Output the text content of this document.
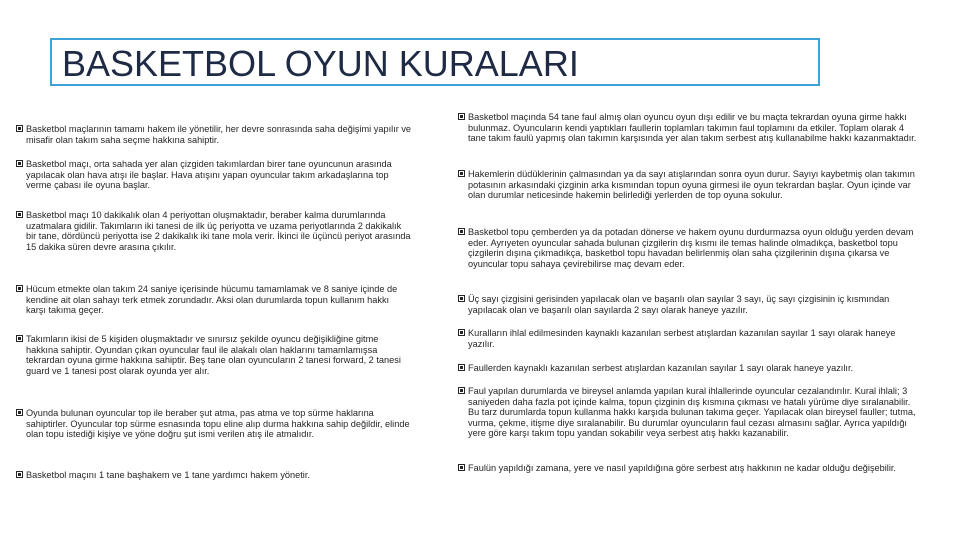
BASKETBOL OYUN KURALARI
Basketbol maçlarının tamamı hakem ile yönetilir, her devre sonrasında saha değişimi yapılır ve misafir olan takım saha seçme hakkına sahiptir.
Basketbol maçı, orta sahada yer alan çizgiden takımlardan birer tane oyuncunun arasında yapılacak olan hava atışı ile başlar. Hava atışını yapan oyuncular takım arkadaşlarına top verme çabası ile oyuna başlar.
Basketbol maçı 10 dakikalık olan 4 periyottan oluşmaktadır, beraber kalma durumlarında uzatmalara gidilir. Takımların iki tanesi de ilk üç periyotta ve uzama periyotlarında 2 dakikalık bir tane, dördüncü periyotta ise 2 dakikalık iki tane mola verir. İkinci ile üçüncü periyot arasında 15 dakika süren devre arasına çıkılır.
Hücum etmekte olan takım 24 saniye içerisinde hücumu tamamlamak ve 8 saniye içinde de kendine ait olan sahayı terk etmek zorundadır. Aksi olan durumlarda topun kullanım hakkı karşı takıma geçer.
Takımların ikisi de 5 kişiden oluşmaktadır ve sınırsız şekilde oyuncu değişikliğine gitme hakkına sahiptir. Oyundan çıkan oyuncular faul ile alakalı olan haklarını tamamlamışsa tekrardan oyuna girme hakkına sahiptir. Beş tane olan oyuncuların 2 tanesi forward, 2 tanesi guard ve 1 tanesi post olarak oyunda yer alır.
Oyunda bulunan oyuncular top ile beraber şut atma, pas atma ve top sürme haklarına sahiptirler. Oyuncular top sürme esnasında topu eline alıp durma hakkına sahip değildir, elinde olan topu istediği kişiye ve yöne doğru şut ismi verilen atış ile atmalıdır.
Basketbol maçını 1 tane başhakem ve 1 tane yardımcı hakem yönetir.
Basketbol maçında 54 tane faul almış olan oyuncu oyun dışı edilir ve bu maçta tekrardan oyuna girme hakkı bulunmaz. Oyuncuların kendi yaptıkları faullerin toplamları takımın faul toplamını da etkiler. Toplam olarak 4 tane takım faulü yapmış olan takımın karşısında yer alan takım serbest atış kullanabilme hakkı kazanmaktadır.
Hakemlerin düdüklerinin çalmasından ya da sayı atışlarından sonra oyun durur. Sayıyı kaybetmiş olan takımın potasının arkasındaki çizginin arka kısmından topun oyuna girmesi ile oyun tekrardan başlar. Oyun içinde var olan durumlar neticesinde hakemin belirlediği yerlerden de top oyuna sokulur.
Basketbol topu çemberden ya da potadan dönerse ve hakem oyunu durdurmazsa oyun olduğu yerden devam eder. Ayrıyeten oyuncular sahada bulunan çizgilerin dış kısmı ile temas halinde olmadıkça, basketbol topu çizgilerin dışına çıkmadıkça, basketbol topu havadan belirlenmiş olan saha çizgilerinin dışına çıkarsa ve oyuncular topu sahaya çevirebilirse maç devam eder.
Üç sayı çizgisini gerisinden yapılacak olan ve başarılı olan sayılar 3 sayı, üç sayı çizgisinin iç kısmından yapılacak olan ve başarılı olan sayılarda 2 sayı olarak haneye yazılır.
Kuralların ihlal edilmesinden kaynaklı kazanılan serbest atışlardan kazanılan sayılar 1 sayı olarak haneye yazılır.
Faullerden kaynaklı kazanılan serbest atışlardan kazanılan sayılar 1 sayı olarak haneye yazılır.
Faul yapılan durumlarda ve bireysel anlamda yapılan kural ihlallerinde oyuncular cezalandırılır. Kural ihlali; 3 saniyeden daha fazla pot içinde kalma, topun çizginin dış kısmına çıkması ve hatalı yürüme diye sıralanabilir. Bu tarz durumlarda topun kullanma hakkı karşıda bulunan takıma geçer. Yapılacak olan bireysel fauller; tutma, vurma, çekme, itişme diye sıralanabilir. Bu durumlar oyuncuların faul cezası almasını sağlar. Ayrıca yapıldığı yere göre karşı takım topu yandan sokabilir veya serbest atış hakkı kazanabilir.
Faulün yapıldığı zamana, yere ve nasıl yapıldığına göre serbest atış hakkının ne kadar olduğu değişebilir.
